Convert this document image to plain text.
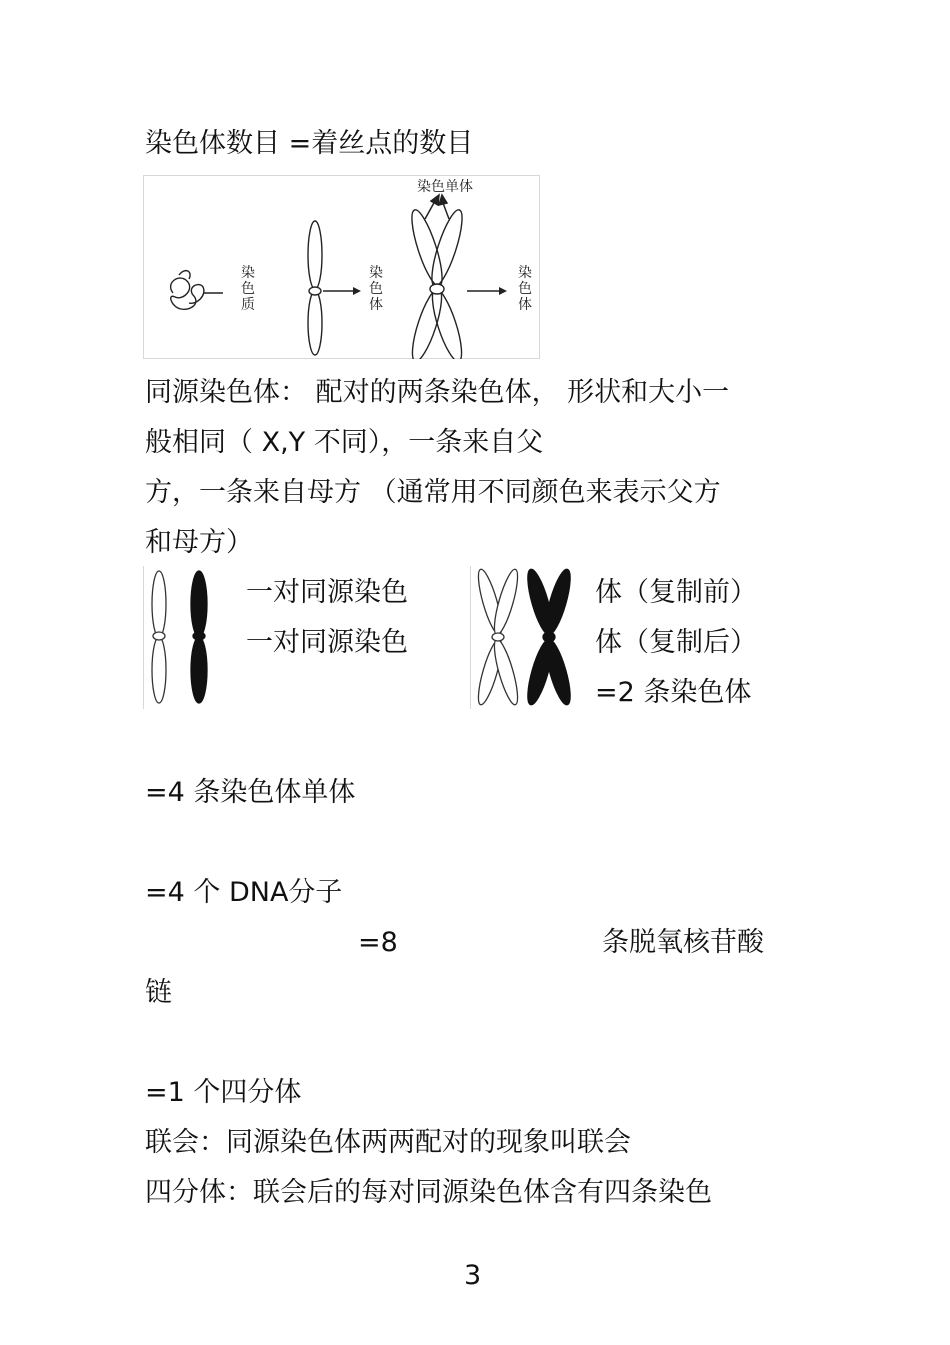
染色体数目 =着丝点的数目
染
色
质
染
色
体
染色单体
染
色
体
同源染色体： 配对的两条染色体， 形状和大小一
般相同（ X,Y 不同），一条来自父
方，一条来自母方 （通常用不同颜色来表示父方
和母方）
一对同源染色
一对同源染色
体（复制前）
体（复制后）
=2 条染色体
=4 条染色体单体
=4 个 DNA分子
=8	条脱氧核苷酸
链
=1 个四分体
联会：同源染色体两两配对的现象叫联会
四分体：联会后的每对同源染色体含有四条染色
3
